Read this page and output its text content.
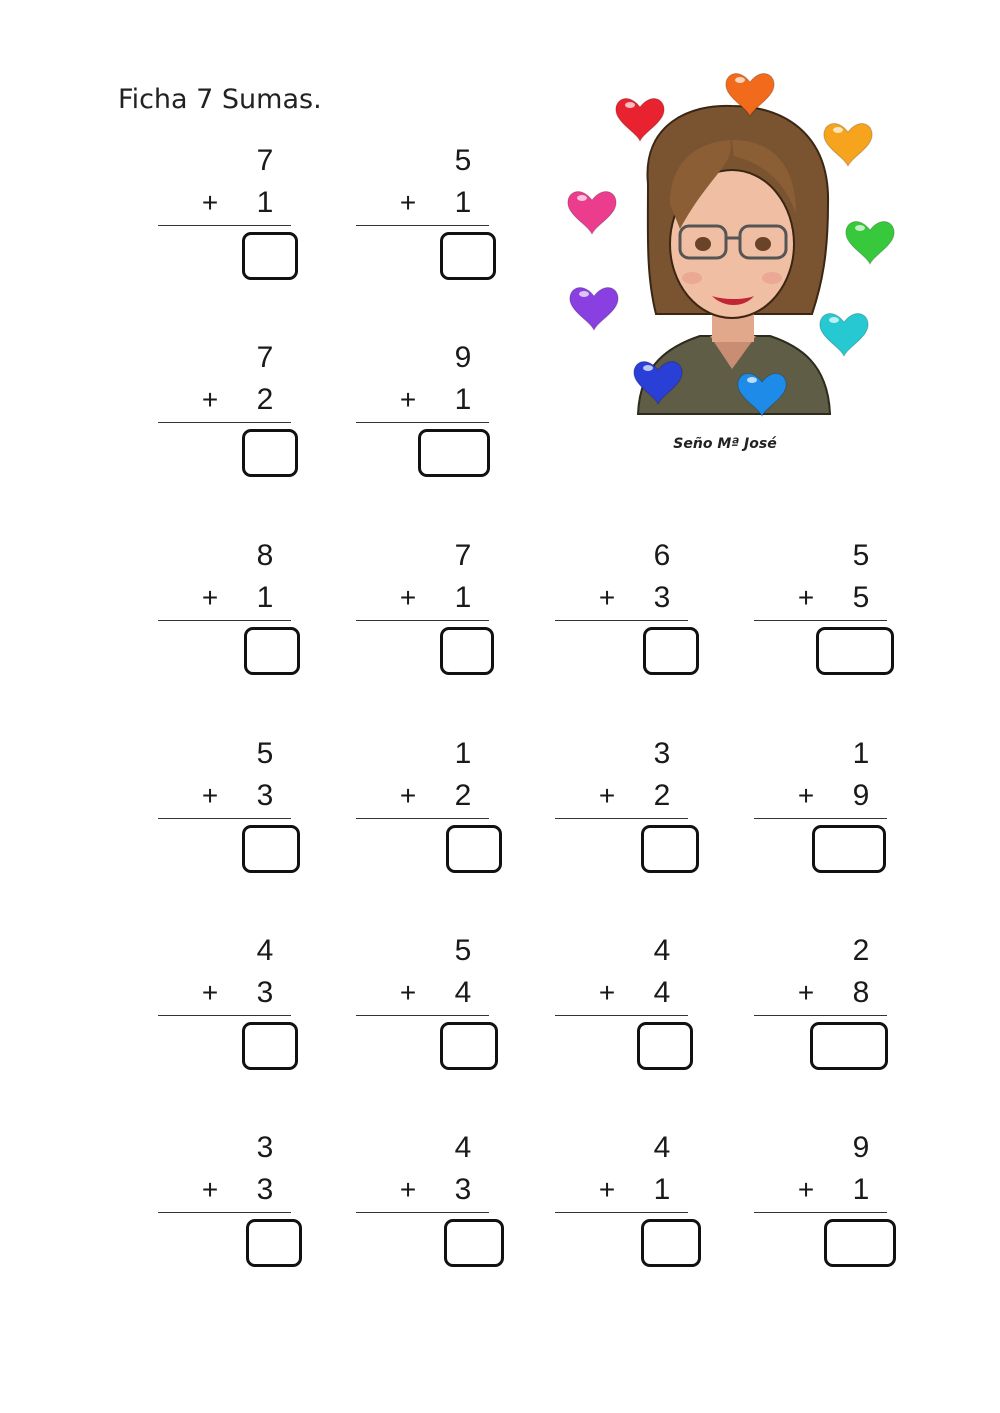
Ficha 7 Sumas.
7
+	1
5
+	1
7
+	2
9
+	1
8
+	1
7
+	1
6
+	3
5
+	5
5
+	3
1
+	2
3
+	2
1
+	9
4
+	3
5
+	4
4
+	4
2
+	8
3
+	3
4
+	3
4
+	1
9
+	1
Seño Mª José
